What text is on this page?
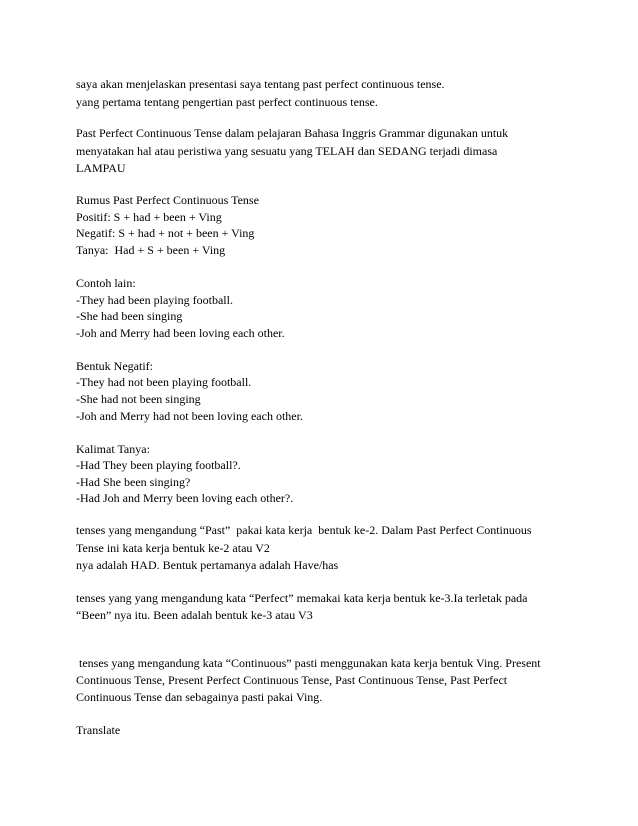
saya akan menjelaskan presentasi saya tentang past perfect continuous tense.

yang pertama tentang pengertian past perfect continuous tense.

Past Perfect Continuous Tense dalam pelajaran Bahasa Inggris Grammar digunakan untuk

menyatakan hal atau peristiwa yang sesuatu yang TELAH dan SEDANG terjadi dimasa

LAMPAU

Rumus Past Perfect Continuous Tense

Positif: S + had + been + Ving

Negatif: S + had + not + been + Ving

Tanya:  Had + S + been + Ving

Contoh lain:

-They had been playing football.

-She had been singing

-Joh and Merry had been loving each other.

Bentuk Negatif:

-They had not been playing football.

-She had not been singing

-Joh and Merry had not been loving each other.

Kalimat Tanya:

-Had They been playing football?.

-Had She been singing?

-Had Joh and Merry been loving each other?.

tenses yang mengandung “Past”  pakai kata kerja  bentuk ke-2. Dalam Past Perfect Continuous

Tense ini kata kerja bentuk ke-2 atau V2

nya adalah HAD. Bentuk pertamanya adalah Have/has

tenses yang yang mengandung kata “Perfect” memakai kata kerja bentuk ke-3.Ia terletak pada

“Been” nya itu. Been adalah bentuk ke-3 atau V3

tenses yang mengandung kata “Continuous” pasti menggunakan kata kerja bentuk Ving. Present

Continuous Tense, Present Perfect Continuous Tense, Past Continuous Tense, Past Perfect

Continuous Tense dan sebagainya pasti pakai Ving.

Translate
